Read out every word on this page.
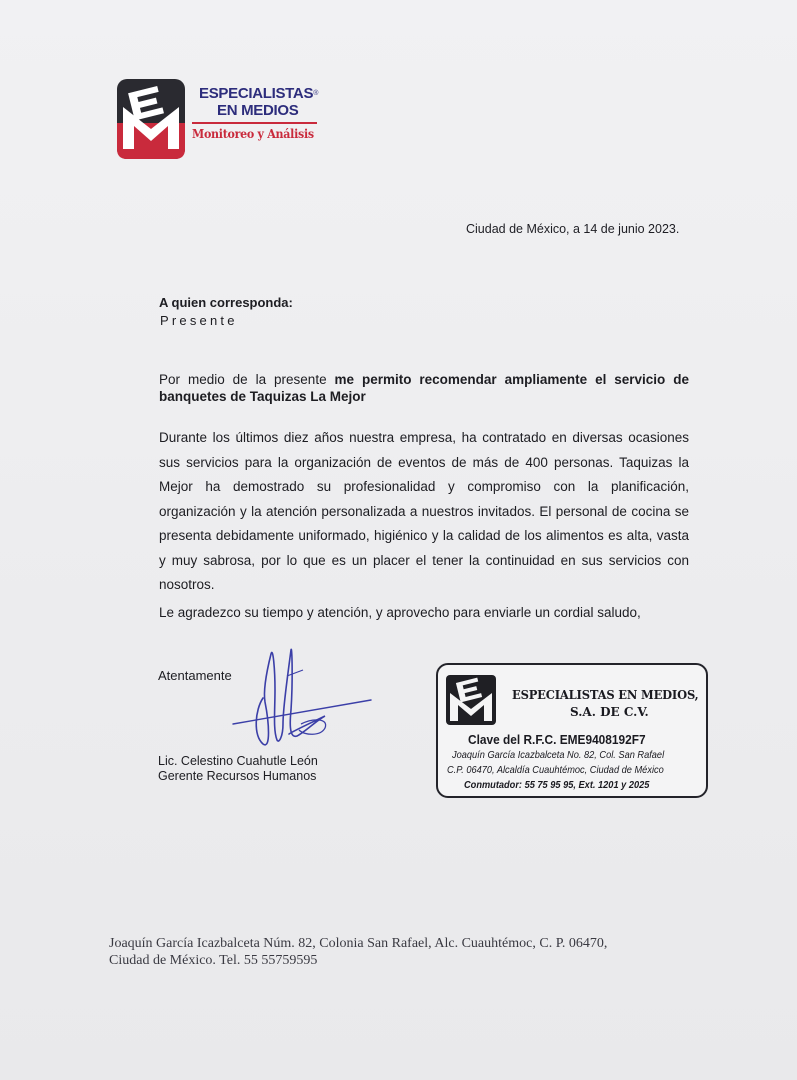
ESPECIALISTAS®
EN MEDIOS
Monitoreo y Análisis
Ciudad de México, a 14 de junio 2023.
A quien corresponda:
Presente
Por medio de la presente me permito recomendar ampliamente el servicio de banquetes de Taquizas La Mejor
Durante los últimos diez años nuestra empresa, ha contratado en diversas ocasiones sus servicios para la organización de eventos de más de 400 personas. Taquizas la Mejor ha demostrado su profesionalidad y compromiso con la planificación, organización y la atención personalizada a nuestros invitados. El personal de cocina se presenta debidamente uniformado, higiénico y la calidad de los alimentos es alta, vasta y muy sabrosa, por lo que es un placer el tener la continuidad en sus servicios con nosotros.
Le agradezco su tiempo y atención, y aprovecho para enviarle un cordial saludo,
Atentamente
Lic. Celestino Cuahutle León
Gerente Recursos Humanos
ESPECIALISTAS EN MEDIOS,
S.A. DE C.V.
Clave del R.F.C. EME9408192F7
Joaquín García Icazbalceta No. 82, Col. San Rafael
C.P. 06470, Alcaldía Cuauhtémoc, Ciudad de México
Conmutador: 55 75 95 95, Ext. 1201 y 2025
Joaquín García Icazbalceta Núm. 82, Colonia San Rafael, Alc. Cuauhtémoc, C. P. 06470,
Ciudad de México. Tel. 55 55759595
